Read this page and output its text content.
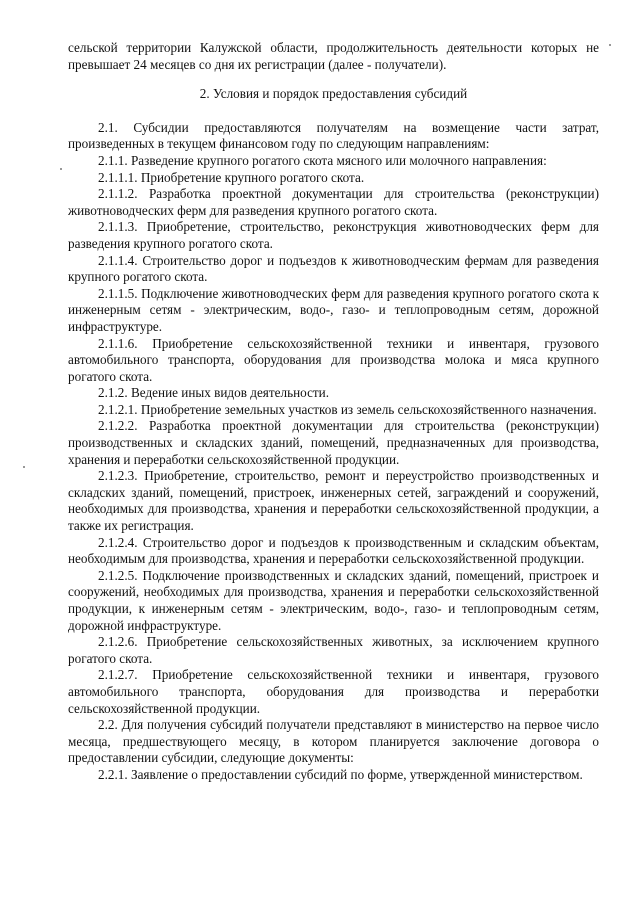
сельской территории Калужской области, продолжительность деятельности которых не превышает 24 месяцев со дня их регистрации (далее - получатели).

2. Условия и порядок предоставления субсидий

2.1. Субсидии предоставляются получателям на возмещение части затрат, произведенных в текущем финансовом году по следующим направлениям:

2.1.1. Разведение крупного рогатого скота мясного или молочного направления:

2.1.1.1. Приобретение крупного рогатого скота.

2.1.1.2. Разработка проектной документации для строительства (реконструкции) животноводческих ферм для разведения крупного рогатого скота.

2.1.1.3. Приобретение, строительство, реконструкция животноводческих ферм для разведения крупного рогатого скота.

2.1.1.4. Строительство дорог и подъездов к животноводческим фермам для разведения крупного рогатого скота.

2.1.1.5. Подключение животноводческих ферм для разведения крупного рогатого скота к инженерным сетям - электрическим, водо-, газо- и теплопроводным сетям, дорожной инфраструктуре.

2.1.1.6. Приобретение сельскохозяйственной техники и инвентаря, грузового автомобильного транспорта, оборудования для производства молока и мяса крупного рогатого скота.

2.1.2. Ведение иных видов деятельности.

2.1.2.1. Приобретение земельных участков из земель сельскохозяйственного назначения.

2.1.2.2. Разработка проектной документации для строительства (реконструкции) производственных и складских зданий, помещений, предназначенных для производства, хранения и переработки сельскохозяйственной продукции.

2.1.2.3. Приобретение, строительство, ремонт и переустройство производственных и складских зданий, помещений, пристроек, инженерных сетей, заграждений и сооружений, необходимых для производства, хранения и переработки сельскохозяйственной продукции, а также их регистрация.

2.1.2.4. Строительство дорог и подъездов к производственным и складским объектам, необходимым для производства, хранения и переработки сельскохозяйственной продукции.

2.1.2.5. Подключение производственных и складских зданий, помещений, пристроек и сооружений, необходимых для производства, хранения и переработки сельскохозяйственной продукции, к инженерным сетям - электрическим, водо-, газо- и теплопроводным сетям, дорожной инфраструктуре.

2.1.2.6. Приобретение сельскохозяйственных животных, за исключением крупного рогатого скота.

2.1.2.7. Приобретение сельскохозяйственной техники и инвентаря, грузового автомобильного транспорта, оборудования для производства и переработки сельскохозяйственной продукции.

2.2. Для получения субсидий получатели представляют в министерство на первое число месяца, предшествующего месяцу, в котором планируется заключение договора о предоставлении субсидии, следующие документы:

2.2.1. Заявление о предоставлении субсидий по форме, утвержденной министерством.
